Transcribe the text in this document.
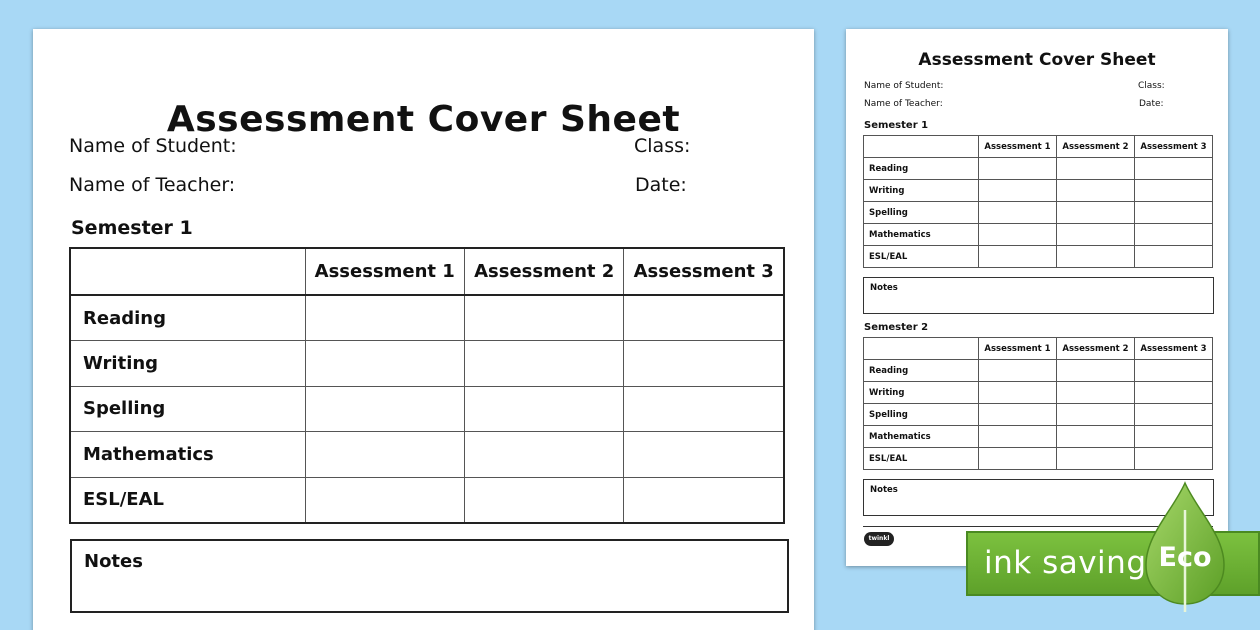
Assessment Cover Sheet
Name of Student:	Class:
Name of Teacher:	Date:
Semester 1
	Assessment 1	Assessment 2	Assessment 3
Reading			
Writing			
Spelling			
Mathematics			
ESL/EAL			
Notes
Assessment Cover Sheet
Name of Student:	Class:
Name of Teacher:	Date:
Semester 1
	Assessment 1	Assessment 2	Assessment 3
Reading			
Writing			
Spelling			
Mathematics			
ESL/EAL			
Notes
Semester 2
	Assessment 1	Assessment 2	Assessment 3
Reading			
Writing			
Spelling			
Mathematics			
ESL/EAL			
Notes
twinkl
ink saving Eco
